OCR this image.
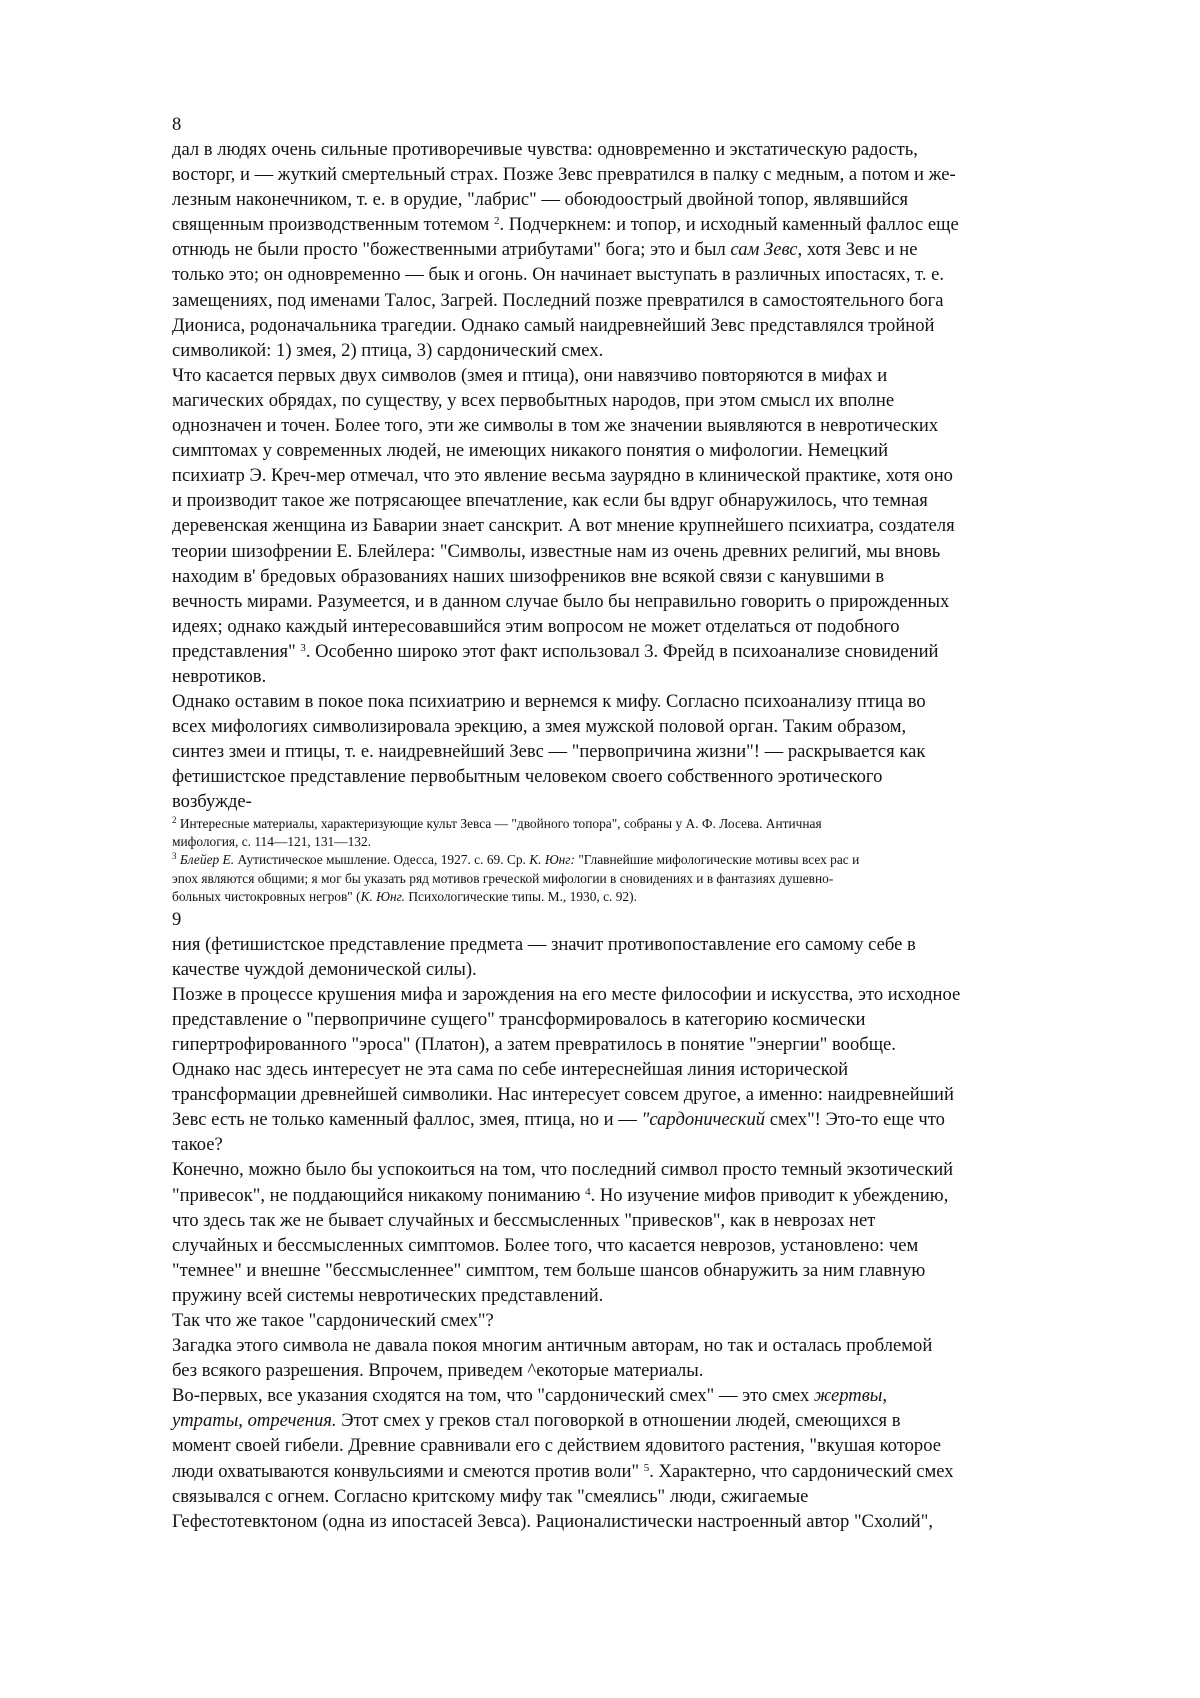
8

дал в людях очень сильные противоречивые чувства: одновременно и экстатическую радость,

восторг, и — жуткий смертельный страх. Позже Зевс превратился в палку с медным, а потом и же-

лезным наконечником, т. е. в орудие, "лабрис" — обоюдоострый двойной топор, являвшийся

священным производственным тотемом $^2$. Подчеркнем: и топор, и исходный каменный фаллос еще

отнюдь не были просто "божественными атрибутами" бога; это и был сам Зевс, хотя Зевс и не

только это; он одновременно — бык и огонь. Он начинает выступать в различных ипостасях, т. е.

замещениях, под именами Талос, Загрей. Последний позже превратился в самостоятельного бога

Диониса, родоначальника трагедии. Однако самый наидревнейший Зевс представлялся тройной

символикой: 1) змея, 2) птица, 3) сардонический смех.

Что касается первых двух символов (змея и птица), они навязчиво повторяются в мифах и

магических обрядах, по существу, у всех первобытных народов, при этом смысл их вполне

однозначен и точен. Более того, эти же символы в том же значении выявляются в невротических

симптомах у современных людей, не имеющих никакого понятия о мифологии. Немецкий

психиатр Э. Креч-мер отмечал, что это явление весьма заурядно в клинической практике, хотя оно

и производит такое же потрясающее впечатление, как если бы вдруг обнаружилось, что темная

деревенская женщина из Баварии знает санскрит. А вот мнение крупнейшего психиатра, создателя

теории шизофрении Е. Блейлера: "Символы, известные нам из очень древних религий, мы вновь

находим в' бредовых образованиях наших шизофреников вне всякой связи с канувшими в

вечность мирами. Разумеется, и в данном случае было бы неправильно говорить о прирожденных

идеях; однако каждый интересовавшийся этим вопросом не может отделаться от подобного

представления" $^3$. Особенно широко этот факт использовал 3. Фрейд в психоанализе сновидений

невротиков.

Однако оставим в покое пока психиатрию и вернемся к мифу. Согласно психоанализу птица во

всех мифологиях символизировала эрекцию, а змея мужской половой орган. Таким образом,

синтез змеи и птицы, т. е. наидревнейший Зевс — "первопричина жизни"! — раскрывается как

фетишистское представление первобытным человеком своего собственного эротического

возбужде-

$^2$ Интересные материалы, характеризующие культ Зевса — "двойного топора", собраны у А. Ф. Лосева. Античная

мифология, с. 114—121, 131—132.

$^3$ Блейер Е. Аутистическое мышление. Одесса, 1927. с. 69. Ср. К. Юнг: "Главнейшие мифологические мотивы всех рас и

эпох являются общими; я мог бы указать ряд мотивов греческой мифологии в сновидениях и в фантазиях душевно-

больных чистокровных негров" (К. Юнг. Психологические типы. М., 1930, с. 92).

9

ния (фетишистское представление предмета — значит противопоставление его самому себе в

качестве чуждой демонической силы).

Позже в процессе крушения мифа и зарождения на его месте философии и искусства, это исходное

представление о "первопричине сущего" трансформировалось в категорию космически

гипертрофированного "эроса" (Платон), а затем превратилось в понятие "энергии" вообще.

Однако нас здесь интересует не эта сама по себе интереснейшая линия исторической

трансформации древнейшей символики. Нас интересует совсем другое, а именно: наидревнейший

Зевс есть не только каменный фаллос, змея, птица, но и — "сардонический смех"! Это-то еще что

такое?

Конечно, можно было бы успокоиться на том, что последний символ просто темный экзотический

"привесок", не поддающийся никакому пониманию $^4$. Но изучение мифов приводит к убеждению,

что здесь так же не бывает случайных и бессмысленных "привесков", как в неврозах нет

случайных и бессмысленных симптомов. Более того, что касается неврозов, установлено: чем

"темнее" и внешне "бессмысленнее" симптом, тем больше шансов обнаружить за ним главную

пружину всей системы невротических представлений.

Так что же такое "сардонический смех"?

Загадка этого символа не давала покоя многим античным авторам, но так и осталась проблемой

без всякого разрешения. Впрочем, приведем ^екоторые материалы.

Во-первых, все указания сходятся на том, что "сардонический смех" — это смех жертвы,

утраты, отречения. Этот смех у греков стал поговоркой в отношении людей, смеющихся в

момент своей гибели. Древние сравнивали его с действием ядовитого растения, "вкушая которое

люди охватываются конвульсиями и смеются против воли" $^5$. Характерно, что сардонический смех

связывался с огнем. Согласно критскому мифу так "смеялись" люди, сжигаемые

Гефестотевктоном (одна из ипостасей Зевса). Рационалистически настроенный автор "Схолий",
